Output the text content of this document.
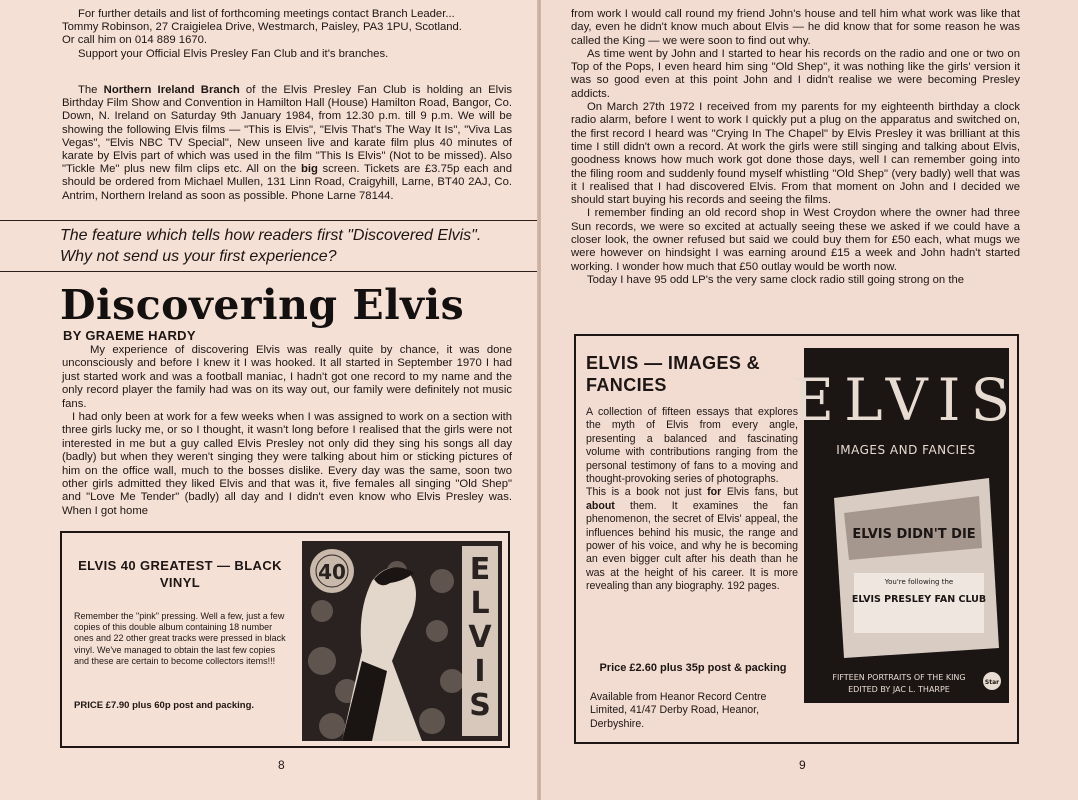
For further details and list of forthcoming meetings contact Branch Leader...
Tommy Robinson, 27 Craigielea Drive, Westmarch, Paisley, PA3 1PU, Scotland.
Or call him on 014 889 1670.
Support your Official Elvis Presley Fan Club and it's branches.
The Northern Ireland Branch of the Elvis Presley Fan Club is holding an Elvis Birthday Film Show and Convention in Hamilton Hall (House) Hamilton Road, Bangor, Co. Down, N. Ireland on Saturday 9th January 1984, from 12.30 p.m. till 9 p.m. We will be showing the following Elvis films — "This is Elvis", "Elvis That's The Way It Is", "Viva Las Vegas", "Elvis NBC TV Special", New unseen live and karate film plus 40 minutes of karate by Elvis part of which was used in the film "This Is Elvis" (Not to be missed). Also "Tickle Me" plus new film clips etc. All on the big screen. Tickets are £3.75p each and should be ordered from Michael Mullen, 131 Linn Road, Craigyhill, Larne, BT40 2AJ, Co. Antrim, Northern Ireland as soon as possible. Phone Larne 78144.
The feature which tells how readers first "Discovered Elvis". Why not send us your first experience?
Discovering Elvis
BY GRAEME HARDY

My experience of discovering Elvis was really quite by chance, it was done unconsciously and before I knew it I was hooked. It all started in September 1970 I had just started work and was a football maniac, I hadn't got one record to my name and the only record player the family had was on its way out, our family were definitely not music fans.

I had only been at work for a few weeks when I was assigned to work on a section with three girls lucky me, or so I thought, it wasn't long before I realised that the girls were not interested in me but a guy called Elvis Presley not only did they sing his songs all day (badly) but when they weren't singing they were talking about him or sticking pictures of him on the office wall, much to the bosses dislike. Every day was the same, soon two other girls admitted they liked Elvis and that was it, five females all singing "Old Shep" and "Love Me Tender" (badly) all day and I didn't even know who Elvis Presley was. When I got home

ELVIS 40 GREATEST — BLACK VINYL
Remember the "pink" pressing. Well a few, just a few copies of this double album containing 18 number ones and 22 other great tracks were pressed in black vinyl. We've managed to obtain the last few copies and these are certain to become collectors items!!!
PRICE £7.90 plus 60p post and packing.
40	E L V I S
8

from work I would call round my friend John's house and tell him what work was like that day, even he didn't know much about Elvis — he did know that for some reason he was called the King — we were soon to find out why.

As time went by John and I started to hear his records on the radio and one or two on Top of the Pops, I even heard him sing "Old Shep", it was nothing like the girls' version it was so good even at this point John and I didn't realise we were becoming Presley addicts.

On March 27th 1972 I received from my parents for my eighteenth birthday a clock radio alarm, before I went to work I quickly put a plug on the apparatus and switched on, the first record I heard was "Crying In The Chapel" by Elvis Presley it was brilliant at this time I still didn't own a record. At work the girls were still singing and talking about Elvis, goodness knows how much work got done those days, well I can remember going into the filing room and suddenly found myself whistling "Old Shep" (very badly) well that was it I realised that I had discovered Elvis. From that moment on John and I decided we should start buying his records and seeing the films.

I remember finding an old record shop in West Croydon where the owner had three Sun records, we were so excited at actually seeing these we asked if we could have a closer look, the owner refused but said we could buy them for £50 each, what mugs we were however on hindsight I was earning around £15 a week and John hadn't started working. I wonder how much that £50 outlay would be worth now.

Today I have 95 odd LP's the very same clock radio still going strong on the

ELVIS — IMAGES & FANCIES

A collection of fifteen essays that explores the myth of Elvis from every angle, presenting a balanced and fascinating volume with contributions ranging from the personal testimony of fans to a moving and thought-provoking series of photographs.

This is a book not just for Elvis fans, but about them. It examines the fan phenomenon, the secret of Elvis' appeal, the influences behind his music, the range and power of his voice, and why he is becoming an even bigger cult after his death than he was at the height of his career. It is more revealing than any biography. 192 pages.

Price £2.60 plus 35p post & packing
Available from Heanor Record Centre Limited, 41/47 Derby Road, Heanor, Derbyshire.
ELVIS
IMAGES AND FANCIES
ELVIS DIDN'T DIE
You're following the
ELVIS PRESLEY FAN CLUB
FIFTEEN PORTRAITS OF THE KING
EDITED BY JAC L. THARPE
Star
9
